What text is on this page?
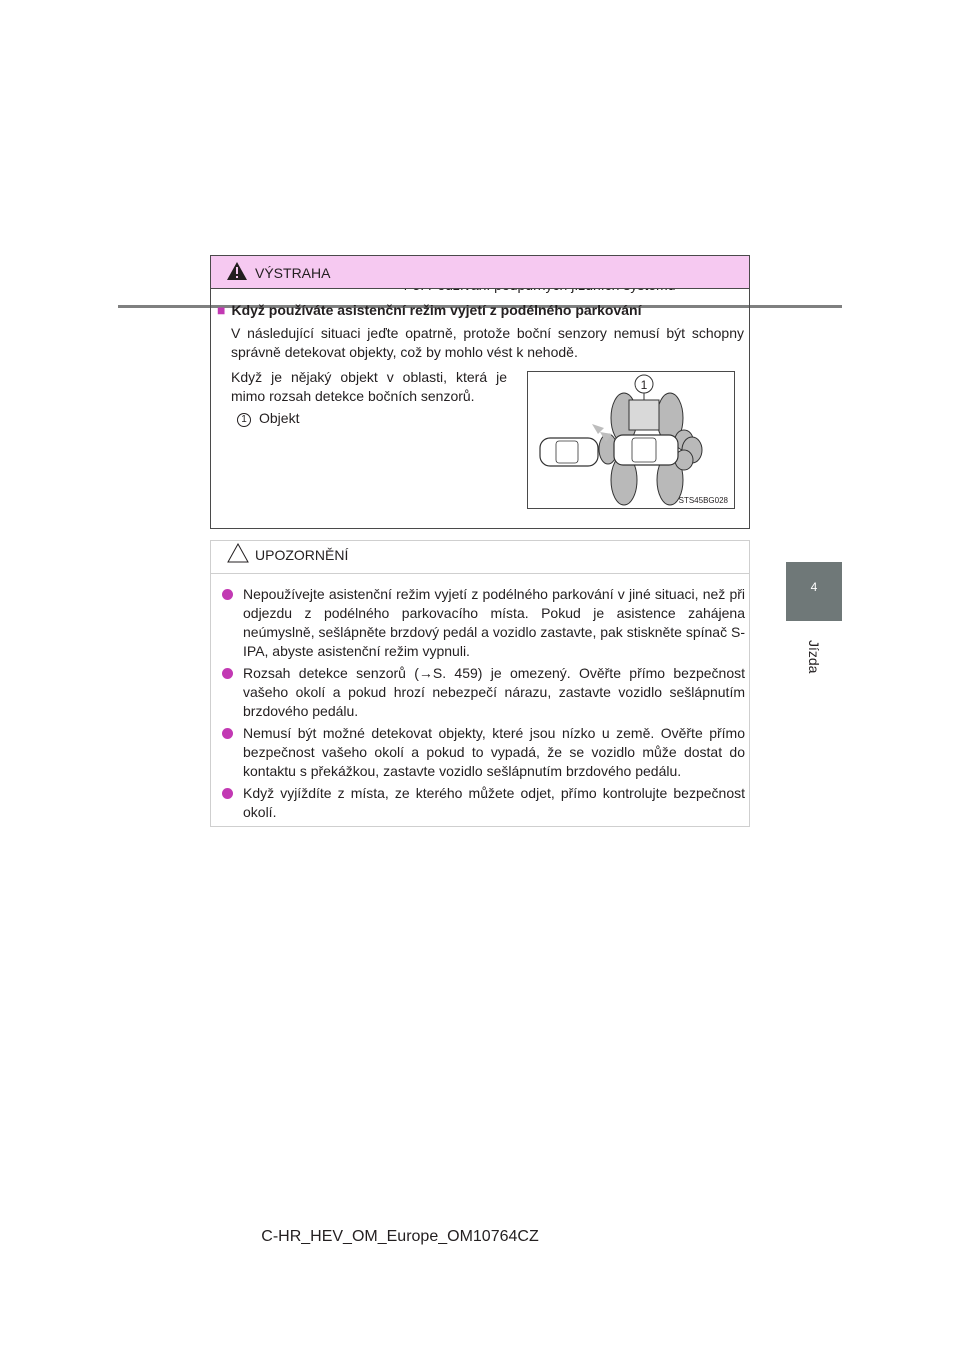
4
Jízda
VÝSTRAHA
■ Když používáte asistenční režim vyjetí z podélného parkování
V následující situaci jeďte opatrně, protože boční senzory nemusí být schopny správně detekovat objekty, což by mohlo vést k nehodě.
Když je nějaký objekt v oblasti, která je mimo rozsah detekce bočních senzorů.
1 Objekt
1
STS45BG028
UPOZORNĚNÍ
Nepoužívejte asistenční režim vyjetí z podélného parkování v jiné situaci, než při odjezdu z podélného parkovacího místa. Pokud je asistence zahájena neúmyslně, sešlápněte brzdový pedál a vozidlo zastavte, pak stiskněte spínač S-IPA, abyste asistenční režim vypnuli.
Rozsah detekce senzorů (→S. 459) je omezený. Ověřte přímo bezpečnost vašeho okolí a pokud hrozí nebezpečí nárazu, zastavte vozidlo sešlápnutím brzdového pedálu.
Nemusí být možné detekovat objekty, které jsou nízko u země. Ověřte přímo bezpečnost vašeho okolí a pokud to vypadá, že se vozidlo může dostat do kontaktu s překážkou, zastavte vozidlo sešlápnutím brzdového pedálu.
Když vyjíždíte z místa, ze kterého můžete odjet, přímo kontrolujte bezpečnost okolí.
C-HR_HEV_OM_Europe_OM10764CZ
